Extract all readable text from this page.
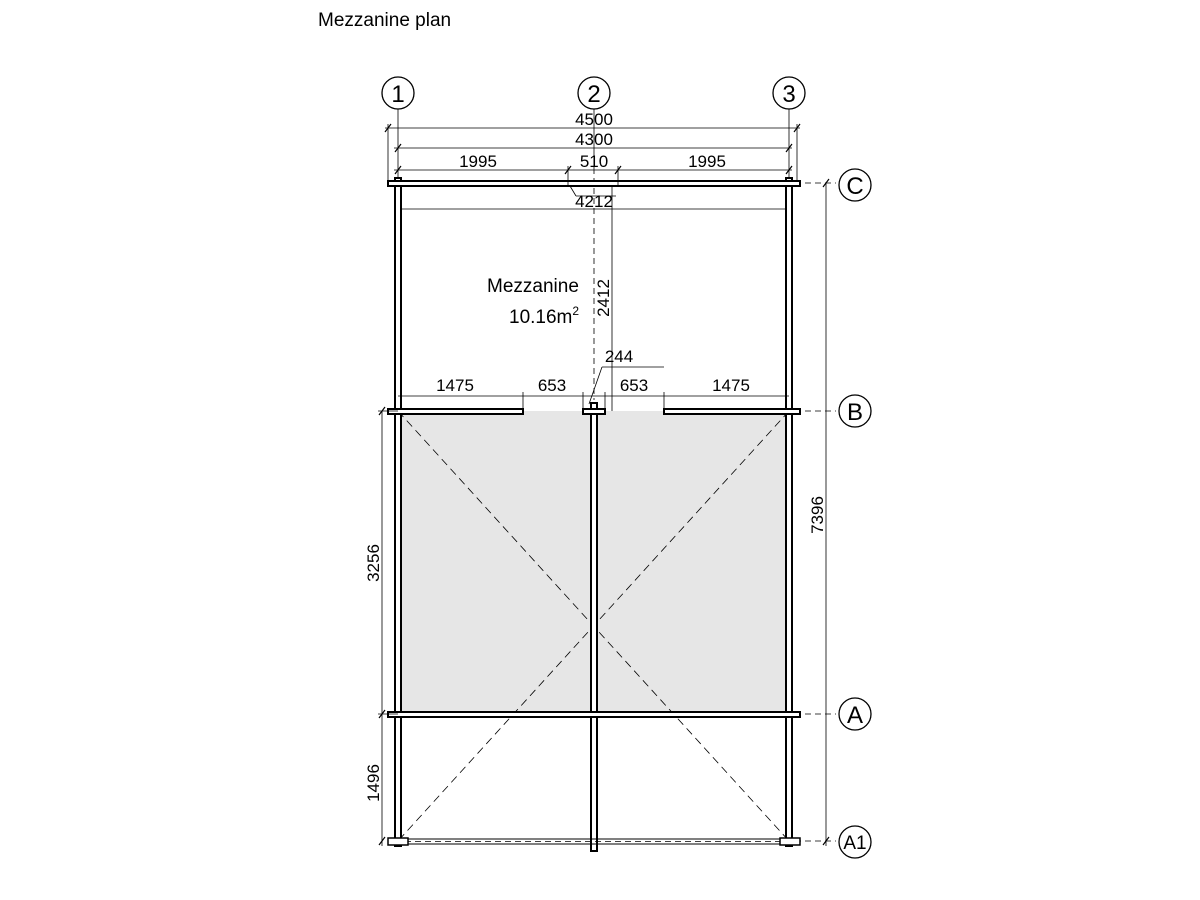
Mezzanine plan
1	2	3
C
B
A
A1
4500
4300
1995	510	1995
4212
2412
244
1475	653	653	1475
7396
3256
1496
Mezzanine
$10.16m^2$
